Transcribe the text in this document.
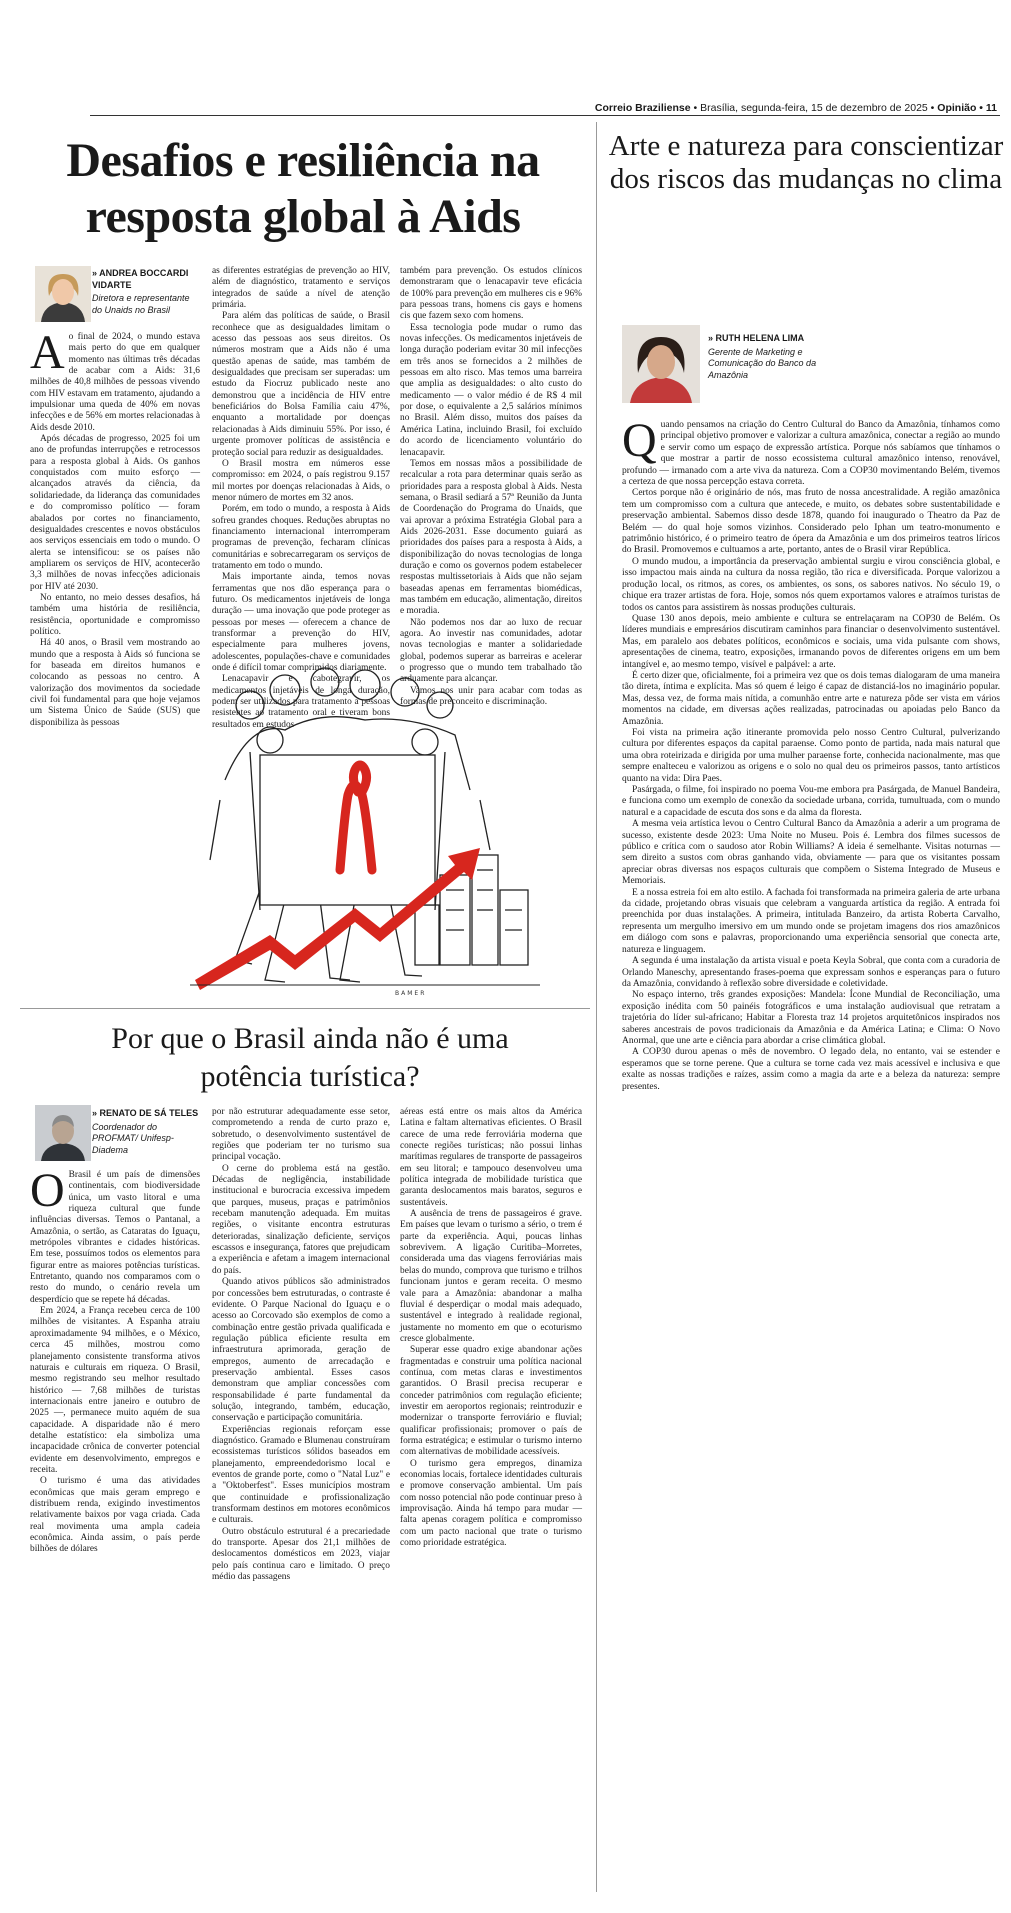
Correio Braziliense • Brasília, segunda-feira, 15 de dezembro de 2025 • Opinião • 11
Desafios e resiliência na resposta global à Aids
» ANDREA BOCCARDI VIDARTE
Diretora e representante do Unaids no Brasil

Ao final de 2024, o mundo estava mais perto do que em qualquer momento nas últimas três décadas de acabar com a Aids: 31,6 milhões de 40,8 milhões de pessoas vivendo com HIV estavam em tratamento, ajudando a impulsionar uma queda de 40% em novas infecções e de 56% em mortes relacionadas à Aids desde 2010.

Após décadas de progresso, 2025 foi um ano de profundas interrupções e retrocessos para a resposta global à Aids. Os ganhos conquistados com muito esforço — alcançados através da ciência, da solidariedade, da liderança das comunidades e do compromisso político — foram abalados por cortes no financiamento, desigualdades crescentes e novos obstáculos aos serviços essenciais em todo o mundo. O alerta se intensificou: se os países não ampliarem os serviços de HIV, acontecerão 3,3 milhões de novas infecções adicionais por HIV até 2030.

No entanto, no meio desses desafios, há também uma história de resiliência, resistência, oportunidade e compromisso político.

Há 40 anos, o Brasil vem mostrando ao mundo que a resposta à Aids só funciona se for baseada em direitos humanos e colocando as pessoas no centro. A valorização dos movimentos da sociedade civil foi fundamental para que hoje vejamos um Sistema Único de Saúde (SUS) que disponibiliza às pessoas

as diferentes estratégias de prevenção ao HIV, além de diagnóstico, tratamento e serviços integrados de saúde a nível de atenção primária.

Para além das políticas de saúde, o Brasil reconhece que as desigualdades limitam o acesso das pessoas aos seus direitos. Os números mostram que a Aids não é uma questão apenas de saúde, mas também de desigualdades que precisam ser superadas: um estudo da Fiocruz publicado neste ano demonstrou que a incidência de HIV entre beneficiários do Bolsa Família caiu 47%, enquanto a mortalidade por doenças relacionadas à Aids diminuiu 55%. Por isso, é urgente promover políticas de assistência e proteção social para reduzir as desigualdades.

O Brasil mostra em números esse compromisso: em 2024, o país registrou 9.157 mil mortes por doenças relacionadas à Aids, o menor número de mortes em 32 anos.

Porém, em todo o mundo, a resposta à Aids sofreu grandes choques. Reduções abruptas no financiamento internacional interromperam programas de prevenção, fecharam clínicas comunitárias e sobrecarregaram os serviços de tratamento em todo o mundo.

Mais importante ainda, temos novas ferramentas que nos dão esperança para o futuro. Os medicamentos injetáveis de longa duração — uma inovação que pode proteger as pessoas por meses — oferecem a chance de transformar a prevenção do HIV, especialmente para mulheres jovens, adolescentes, populações-chave e comunidades onde é difícil tomar comprimidos diariamente.

Lenacapavir e cabotegravir, os medicamentos injetáveis de longa duração, podem ser utilizados para tratamento a pessoas resistentes ao tratamento oral e tiveram bons resultados em estudos

também para prevenção. Os estudos clínicos demonstraram que o lenacapavir teve eficácia de 100% para prevenção em mulheres cis e 96% para pessoas trans, homens cis gays e homens cis que fazem sexo com homens.

Essa tecnologia pode mudar o rumo das novas infecções. Os medicamentos injetáveis de longa duração poderiam evitar 30 mil infecções em três anos se fornecidos a 2 milhões de pessoas em alto risco. Mas temos uma barreira que amplia as desigualdades: o alto custo do medicamento — o valor médio é de R$ 4 mil por dose, o equivalente a 2,5 salários mínimos no Brasil. Além disso, muitos dos países da América Latina, incluindo Brasil, foi excluído do acordo de licenciamento voluntário do lenacapavir.

Temos em nossas mãos a possibilidade de recalcular a rota para determinar quais serão as prioridades para a resposta global à Aids. Nesta semana, o Brasil sediará a 57ª Reunião da Junta de Coordenação do Programa do Unaids, que vai aprovar a próxima Estratégia Global para a Aids 2026-2031. Esse documento guiará as prioridades dos países para a resposta à Aids, a disponibilização do novas tecnologias de longa duração e como os governos podem estabelecer respostas multissetoriais à Aids que não sejam baseadas apenas em ferramentas biomédicas, mas também em educação, alimentação, direitos e moradia.

Não podemos nos dar ao luxo de recuar agora. Ao investir nas comunidades, adotar novas tecnologias e manter a solidariedade global, podemos superar as barreiras e acelerar o progresso que o mundo tem trabalhado tão arduamente para alcançar.

Vamos nos unir para acabar com todas as formas de preconceito e discriminação.

BAMER
Por que o Brasil ainda não é uma potência turística?
» RENATO DE SÁ TELES
Coordenador do PROFMAT/ Unifesp-Diadema

O Brasil é um país de dimensões continentais, com biodiversidade única, um vasto litoral e uma riqueza cultural que funde influências diversas. Temos o Pantanal, a Amazônia, o sertão, as Cataratas do Iguaçu, metrópoles vibrantes e cidades históricas. Em tese, possuímos todos os elementos para figurar entre as maiores potências turísticas. Entretanto, quando nos comparamos com o resto do mundo, o cenário revela um desperdício que se repete há décadas.

Em 2024, a França recebeu cerca de 100 milhões de visitantes. A Espanha atraiu aproximadamente 94 milhões, e o México, cerca 45 milhões, mostrou como planejamento consistente transforma ativos naturais e culturais em riqueza. O Brasil, mesmo registrando seu melhor resultado histórico — 7,68 milhões de turistas internacionais entre janeiro e outubro de 2025 —, permanece muito aquém de sua capacidade. A disparidade não é mero detalhe estatístico: ela simboliza uma incapacidade crônica de converter potencial evidente em desenvolvimento, empregos e receita.

O turismo é uma das atividades econômicas que mais geram emprego e distribuem renda, exigindo investimentos relativamente baixos por vaga criada. Cada real movimenta uma ampla cadeia econômica. Ainda assim, o país perde bilhões de dólares

por não estruturar adequadamente esse setor, comprometendo a renda de curto prazo e, sobretudo, o desenvolvimento sustentável de regiões que poderiam ter no turismo sua principal vocação.

O cerne do problema está na gestão. Décadas de negligência, instabilidade institucional e burocracia excessiva impedem que parques, museus, praças e patrimônios recebam manutenção adequada. Em muitas regiões, o visitante encontra estruturas deterioradas, sinalização deficiente, serviços escassos e insegurança, fatores que prejudicam a experiência e afetam a imagem internacional do país.

Quando ativos públicos são administrados por concessões bem estruturadas, o contraste é evidente. O Parque Nacional do Iguaçu e o acesso ao Corcovado são exemplos de como a combinação entre gestão privada qualificada e regulação pública eficiente resulta em infraestrutura aprimorada, geração de empregos, aumento de arrecadação e preservação ambiental. Esses casos demonstram que ampliar concessões com responsabilidade é parte fundamental da solução, integrando, também, educação, conservação e participação comunitária.

Experiências regionais reforçam esse diagnóstico. Gramado e Blumenau construíram ecossistemas turísticos sólidos baseados em planejamento, empreendedorismo local e eventos de grande porte, como o "Natal Luz" e a "Oktoberfest". Esses municípios mostram que continuidade e profissionalização transformam destinos em motores econômicos e culturais.

Outro obstáculo estrutural é a precariedade do transporte. Apesar dos 21,1 milhões de deslocamentos domésticos em 2023, viajar pelo país continua caro e limitado. O preço médio das passagens

aéreas está entre os mais altos da América Latina e faltam alternativas eficientes. O Brasil carece de uma rede ferroviária moderna que conecte regiões turísticas; não possui linhas marítimas regulares de transporte de passageiros em seu litoral; e tampouco desenvolveu uma política integrada de mobilidade turística que garanta deslocamentos mais baratos, seguros e sustentáveis.

A ausência de trens de passageiros é grave. Em países que levam o turismo a sério, o trem é parte da experiência. Aqui, poucas linhas sobrevivem. A ligação Curitiba–Morretes, considerada uma das viagens ferroviárias mais belas do mundo, comprova que turismo e trilhos funcionam juntos e geram receita. O mesmo vale para a Amazônia: abandonar a malha fluvial é desperdiçar o modal mais adequado, sustentável e integrado à realidade regional, justamente no momento em que o ecoturismo cresce globalmente.

Superar esse quadro exige abandonar ações fragmentadas e construir uma política nacional contínua, com metas claras e investimentos garantidos. O Brasil precisa recuperar e conceder patrimônios com regulação eficiente; investir em aeroportos regionais; reintroduzir e modernizar o transporte ferroviário e fluvial; qualificar profissionais; promover o país de forma estratégica; e estimular o turismo interno com alternativas de mobilidade acessíveis.

O turismo gera empregos, dinamiza economias locais, fortalece identidades culturais e promove conservação ambiental. Um país com nosso potencial não pode continuar preso à improvisação. Ainda há tempo para mudar — falta apenas coragem política e compromisso com um pacto nacional que trate o turismo como prioridade estratégica.

Arte e natureza para conscientizar dos riscos das mudanças no clima
» RUTH HELENA LIMA
Gerente de Marketing e Comunicação do Banco da Amazônia

Quando pensamos na criação do Centro Cultural do Banco da Amazônia, tínhamos como principal objetivo promover e valorizar a cultura amazônica, conectar a região ao mundo e servir como um espaço de expressão artística. Porque nós sabíamos que tínhamos o que mostrar a partir de nosso ecossistema cultural amazônico intenso, renovável, profundo — irmanado com a arte viva da natureza. Com a COP30 movimentando Belém, tivemos a certeza de que nossa percepção estava correta.

Certos porque não é originário de nós, mas fruto de nossa ancestralidade. A região amazônica tem um compromisso com a cultura que antecede, e muito, os debates sobre sustentabilidade e preservação ambiental. Sabemos disso desde 1878, quando foi inaugurado o Theatro da Paz de Belém — do qual hoje somos vizinhos. Considerado pelo Iphan um teatro-monumento e patrimônio histórico, é o primeiro teatro de ópera da Amazônia e um dos primeiros teatros líricos do Brasil. Promovemos e cultuamos a arte, portanto, antes de o Brasil virar República.

O mundo mudou, a importância da preservação ambiental surgiu e virou consciência global, e isso impactou mais ainda na cultura da nossa região, tão rica e diversificada. Porque valorizou a produção local, os ritmos, as cores, os ambientes, os sons, os sabores nativos. No século 19, o chique era trazer artistas de fora. Hoje, somos nós quem exportamos valores e atraímos turistas de todos os cantos para assistirem às nossas produções culturais.

Quase 130 anos depois, meio ambiente e cultura se entrelaçaram na COP30 de Belém. Os líderes mundiais e empresários discutiram caminhos para financiar o desenvolvimento sustentável. Mas, em paralelo aos debates políticos, econômicos e sociais, uma vida pulsante com shows, apresentações de cinema, teatro, exposições, irmanando povos de diferentes origens em um bem intangível e, ao mesmo tempo, visível e palpável: a arte.

É certo dizer que, oficialmente, foi a primeira vez que os dois temas dialogaram de uma maneira tão direta, íntima e explícita. Mas só quem é leigo é capaz de distanciá-los no imaginário popular. Mas, dessa vez, de forma mais nítida, a comunhão entre arte e natureza pôde ser vista em vários momentos na cidade, em diversas ações realizadas, patrocinadas ou apoiadas pelo Banco da Amazônia.

Foi vista na primeira ação itinerante promovida pelo nosso Centro Cultural, pulverizando cultura por diferentes espaços da capital paraense. Como ponto de partida, nada mais natural que uma obra roteirizada e dirigida por uma mulher paraense forte, conhecida nacionalmente, mas que sempre enalteceu e valorizou as origens e o solo no qual deu os primeiros passos, tanto artísticos quanto na vida: Dira Paes.

Pasárgada, o filme, foi inspirado no poema Vou-me embora pra Pasárgada, de Manuel Bandeira, e funciona como um exemplo de conexão da sociedade urbana, corrida, tumultuada, com o mundo natural e a capacidade de escuta dos sons e da alma da floresta.

A mesma veia artística levou o Centro Cultural Banco da Amazônia a aderir a um programa de sucesso, existente desde 2023: Uma Noite no Museu. Pois é. Lembra dos filmes sucessos de público e crítica com o saudoso ator Robin Williams? A ideia é semelhante. Visitas noturnas — sem direito a sustos com obras ganhando vida, obviamente — para que os visitantes possam apreciar obras diversas nos espaços culturais que compõem o Sistema Integrado de Museus e Memoriais.

E a nossa estreia foi em alto estilo. A fachada foi transformada na primeira galeria de arte urbana da cidade, projetando obras visuais que celebram a vanguarda artística da região. A entrada foi preenchida por duas instalações. A primeira, intitulada Banzeiro, da artista Roberta Carvalho, representa um mergulho imersivo em um mundo onde se projetam imagens dos rios amazônicos em diálogo com sons e palavras, proporcionando uma experiência sensorial que conecta arte, natureza e linguagem.

A segunda é uma instalação da artista visual e poeta Keyla Sobral, que conta com a curadoria de Orlando Maneschy, apresentando frases-poema que expressam sonhos e esperanças para o futuro da Amazônia, convidando à reflexão sobre diversidade e coletividade.

No espaço interno, três grandes exposições: Mandela: Ícone Mundial de Reconciliação, uma exposição inédita com 50 painéis fotográficos e uma instalação audiovisual que retratam a trajetória do líder sul-africano; Habitar a Floresta traz 14 projetos arquitetônicos inspirados nos saberes ancestrais de povos tradicionais da Amazônia e da América Latina; e Clima: O Novo Anormal, que une arte e ciência para abordar a crise climática global.

A COP30 durou apenas o mês de novembro. O legado dela, no entanto, vai se estender e esperamos que se torne perene. Que a cultura se torne cada vez mais acessível e inclusiva e que exalte as nossas tradições e raízes, assim como a magia da arte e a beleza da natureza: sempre presentes.
